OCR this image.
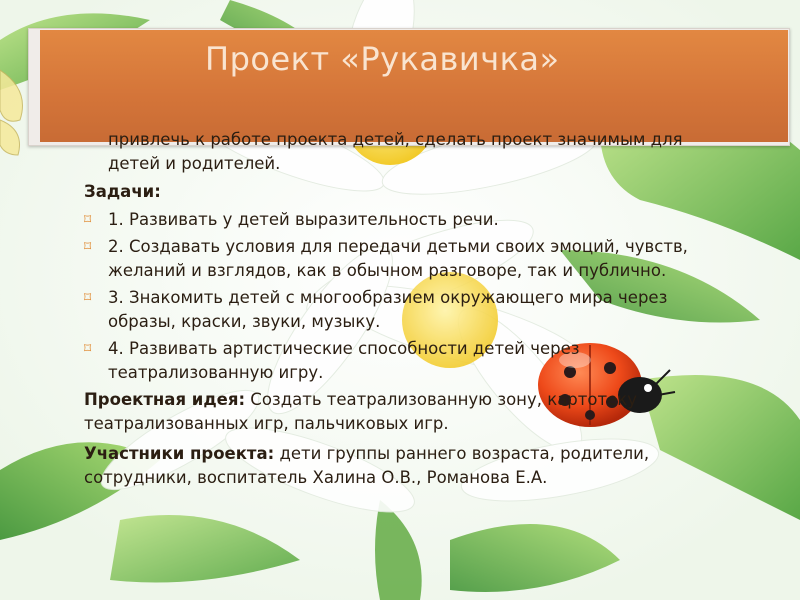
Проект «Рукавичка»

привлечь к работе проекта детей, сделать проект значимым для детей и родителей.

Задачи:

⌑ 1. Развивать у детей выразительность речи.
⌑ 2. Создавать условия для передачи детьми своих эмоций, чувств, желаний и взглядов, как в обычном разговоре, так и публично.
⌑ 3. Знакомить детей с многообразием окружающего мира через образы, краски, звуки, музыку.
⌑ 4. Развивать артистические способности детей через театрализованную игру.

Проектная идея: Создать театрализованную зону, картотеку театрализованных игр, пальчиковых игр.

Участники проекта: дети группы раннего возраста, родители, сотрудники, воспитатель Халина О.В., Романова Е.А.
